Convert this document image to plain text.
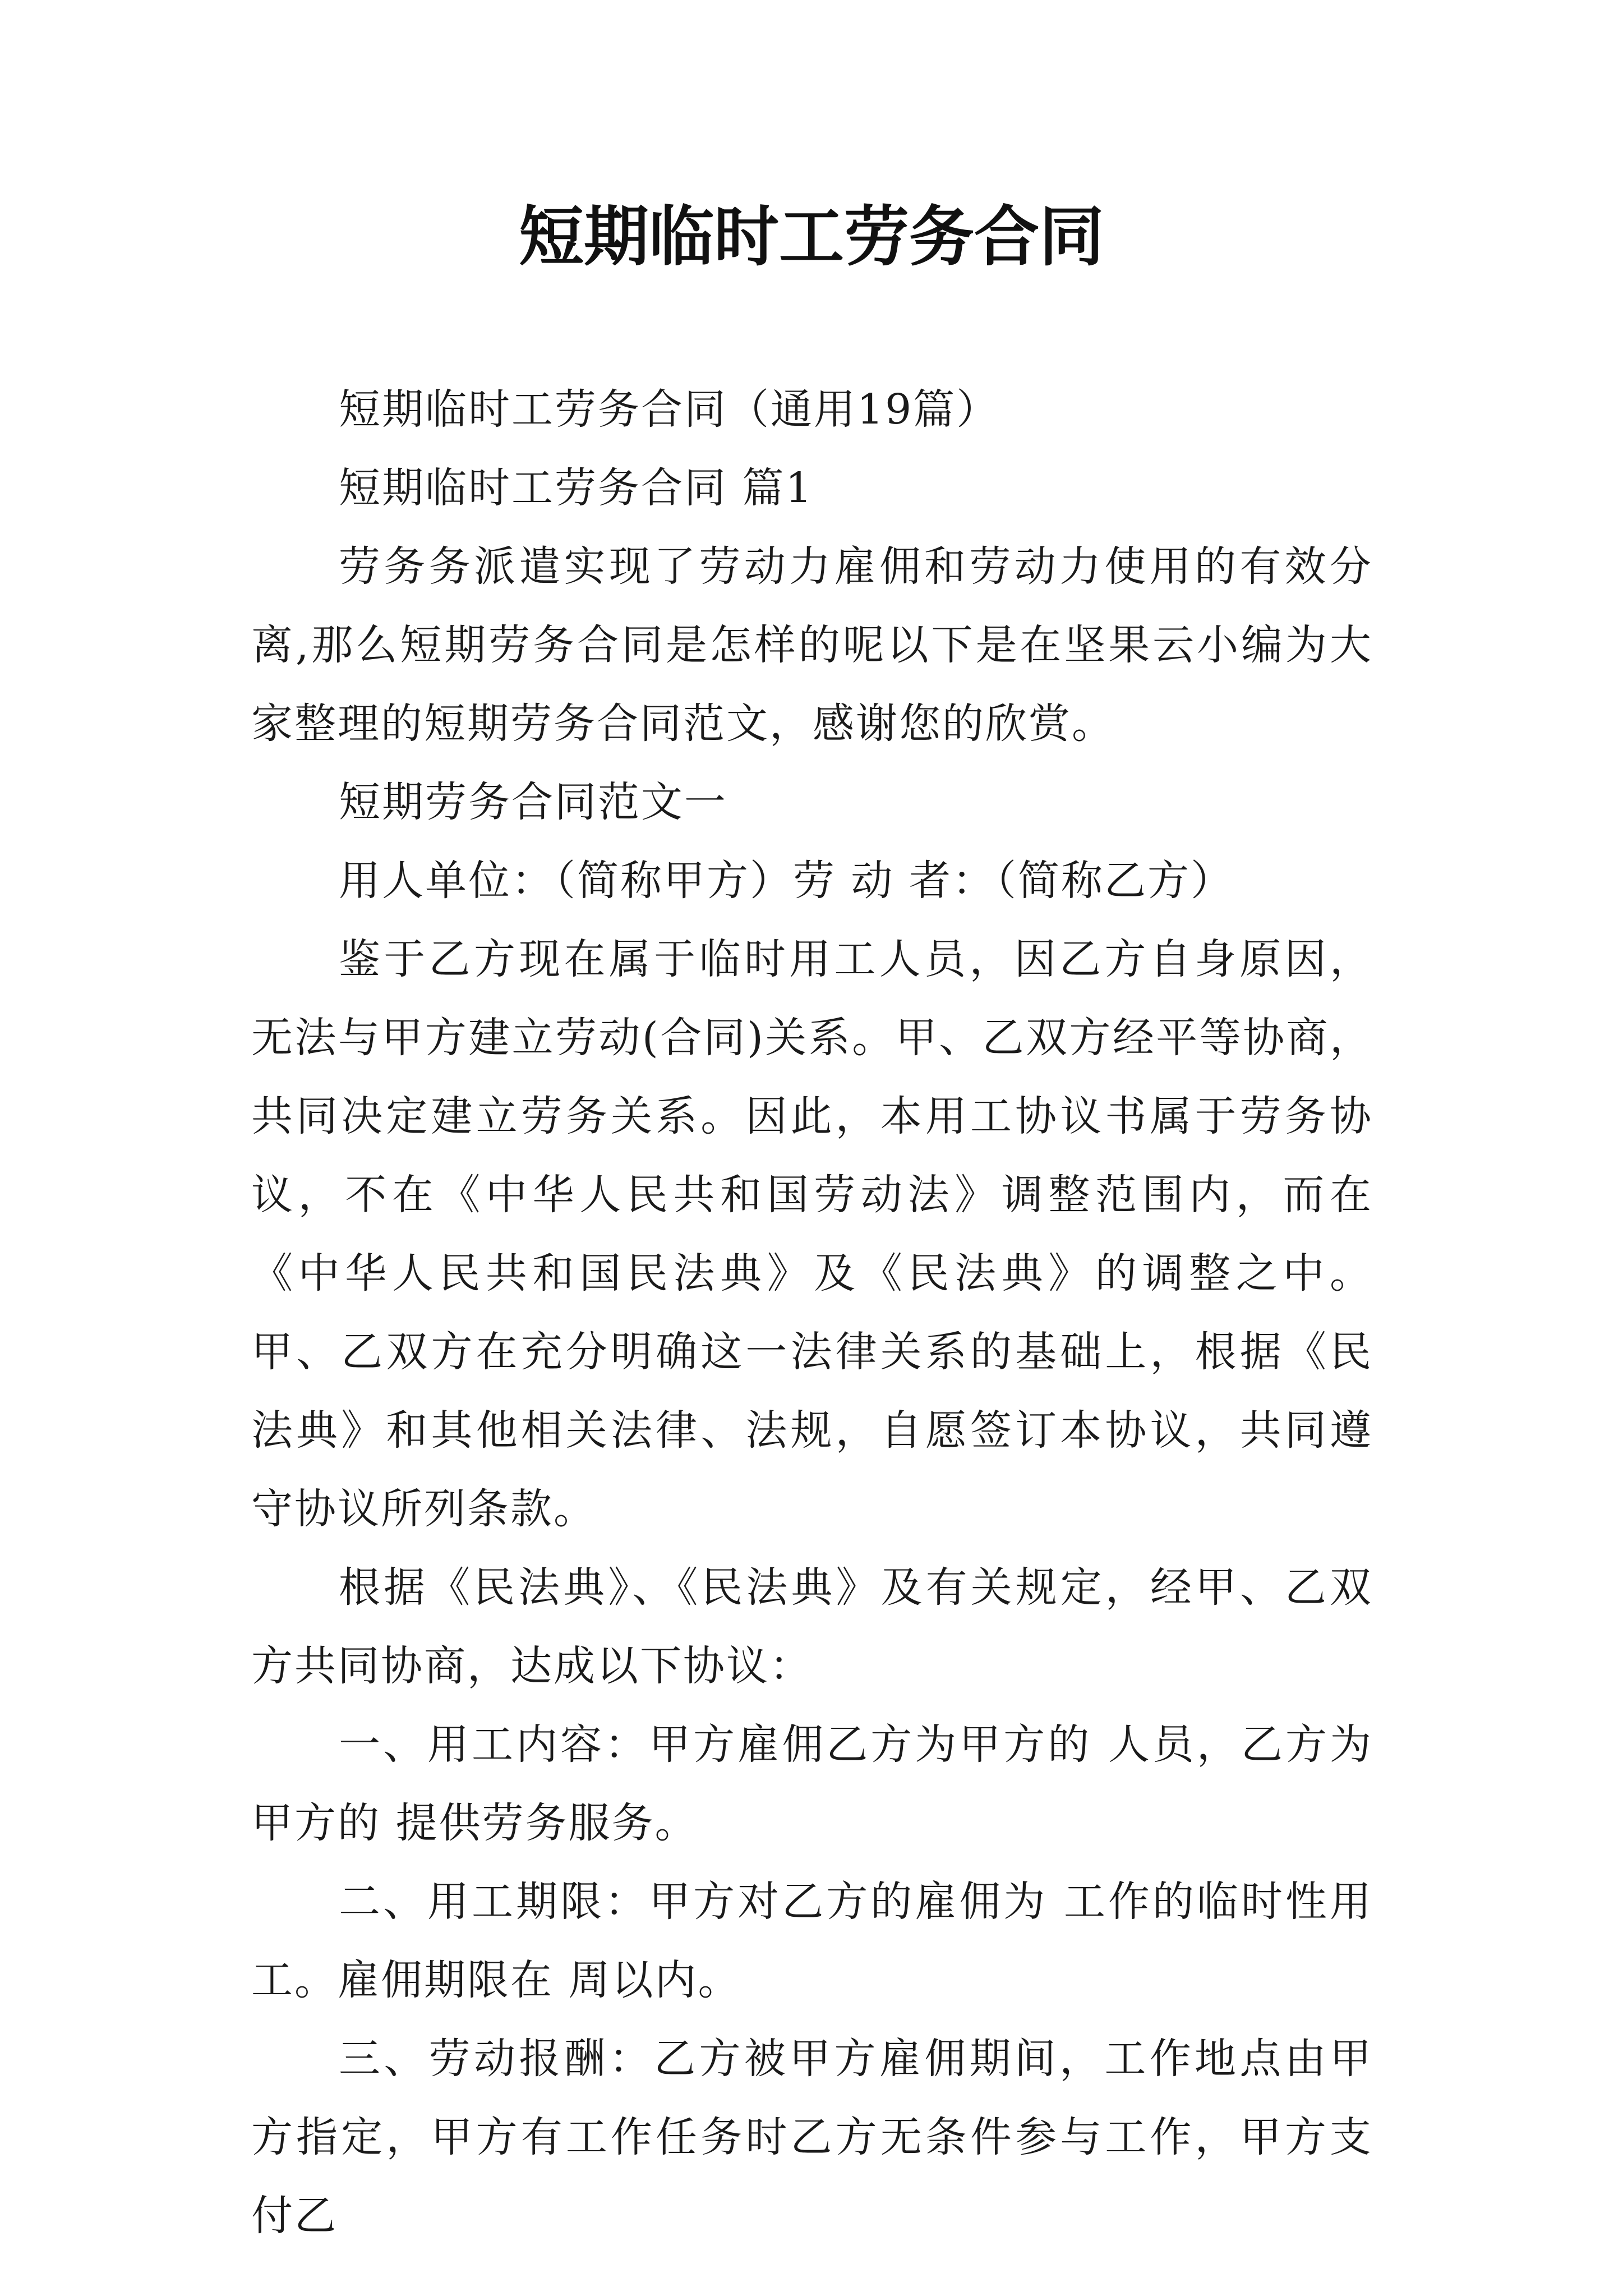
短期临时工劳务合同

短期临时工劳务合同（通用19篇）

短期临时工劳务合同 篇1

劳务务派遣实现了劳动力雇佣和劳动力使用的有效分离,那么短期劳务合同是怎样的呢以下是在坚果云小编为大家整理的短期劳务合同范文，感谢您的欣赏。

短期劳务合同范文一

用人单位：（简称甲方）劳 动 者：（简称乙方）

鉴于乙方现在属于临时用工人员，因乙方自身原因，无法与甲方建立劳动(合同)关系。甲、乙双方经平等协商，共同决定建立劳务关系。因此，本用工协议书属于劳务协议，不在《中华人民共和国劳动法》调整范围内，而在《中华人民共和国民法典》及《民法典》的调整之中。甲、乙双方在充分明确这一法律关系的基础上，根据《民法典》和其他相关法律、法规，自愿签订本协议，共同遵守协议所列条款。

根据《民法典》、《民法典》及有关规定，经甲、乙双方共同协商，达成以下协议：

一、用工内容：甲方雇佣乙方为甲方的 人员，乙方为甲方的 提供劳务服务。

二、用工期限：甲方对乙方的雇佣为 工作的临时性用工。雇佣期限在 周以内。

三、劳动报酬：乙方被甲方雇佣期间，工作地点由甲方指定，甲方有工作任务时乙方无条件参与工作，甲方支付乙
